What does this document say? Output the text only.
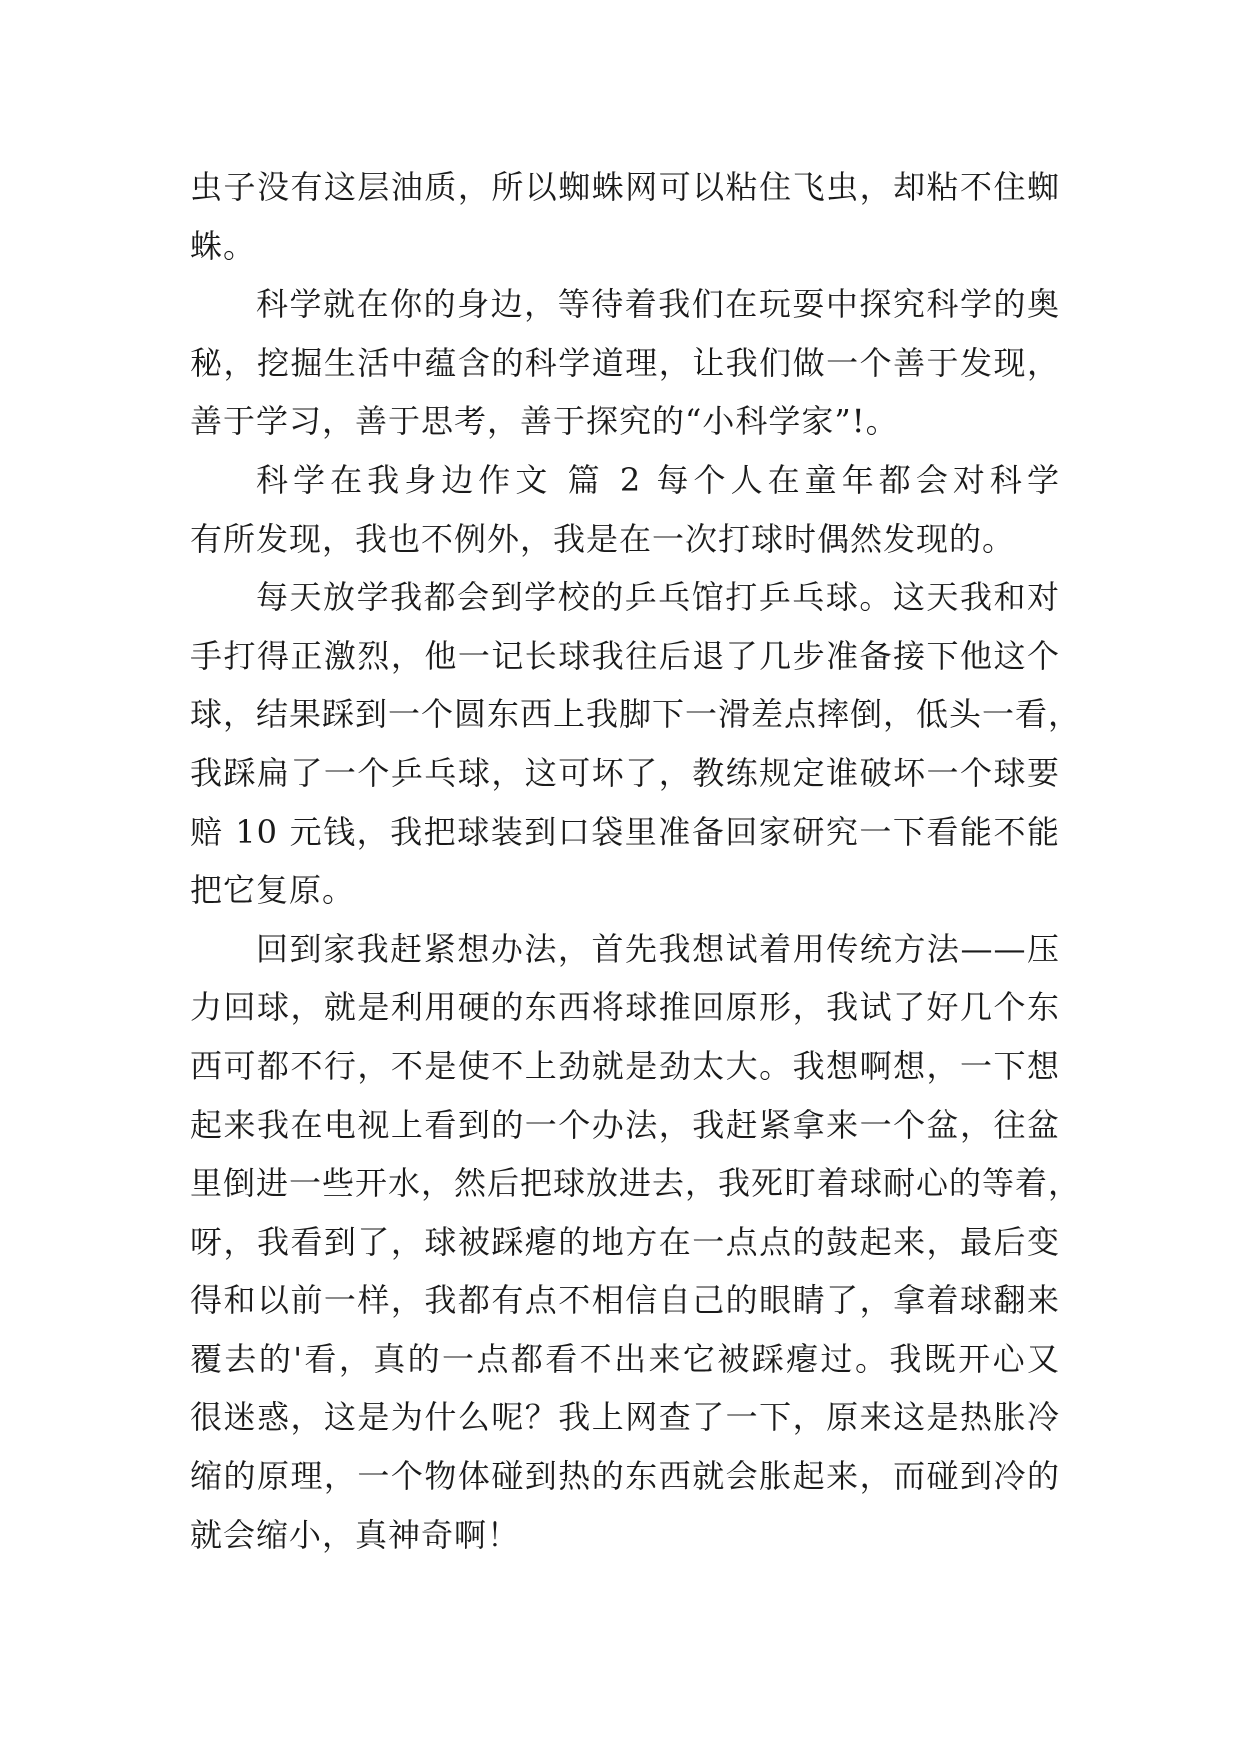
虫子没有这层油质，所以蜘蛛网可以粘住飞虫，却粘不住蜘
蛛。
科学就在你的身边，等待着我们在玩耍中探究科学的奥
秘，挖掘生活中蕴含的科学道理，让我们做一个善于发现，
善于学习，善于思考，善于探究的“小科学家”!。
科学在我身边作文 篇 2 每个人在童年都会对科学
有所发现，我也不例外，我是在一次打球时偶然发现的。
每天放学我都会到学校的乒乓馆打乒乓球。这天我和对
手打得正激烈，他一记长球我往后退了几步准备接下他这个
球，结果踩到一个圆东西上我脚下一滑差点摔倒，低头一看，
我踩扁了一个乒乓球，这可坏了，教练规定谁破坏一个球要
赔 10 元钱，我把球装到口袋里准备回家研究一下看能不能
把它复原。
回到家我赶紧想办法，首先我想试着用传统方法——压
力回球，就是利用硬的东西将球推回原形，我试了好几个东
西可都不行，不是使不上劲就是劲太大。我想啊想，一下想
起来我在电视上看到的一个办法，我赶紧拿来一个盆，往盆
里倒进一些开水，然后把球放进去，我死盯着球耐心的等着，
呀，我看到了，球被踩瘪的地方在一点点的鼓起来，最后变
得和以前一样，我都有点不相信自己的眼睛了，拿着球翻来
覆去的'看，真的一点都看不出来它被踩瘪过。我既开心又
很迷惑，这是为什么呢？我上网查了一下，原来这是热胀冷
缩的原理，一个物体碰到热的东西就会胀起来，而碰到冷的
就会缩小，真神奇啊！
